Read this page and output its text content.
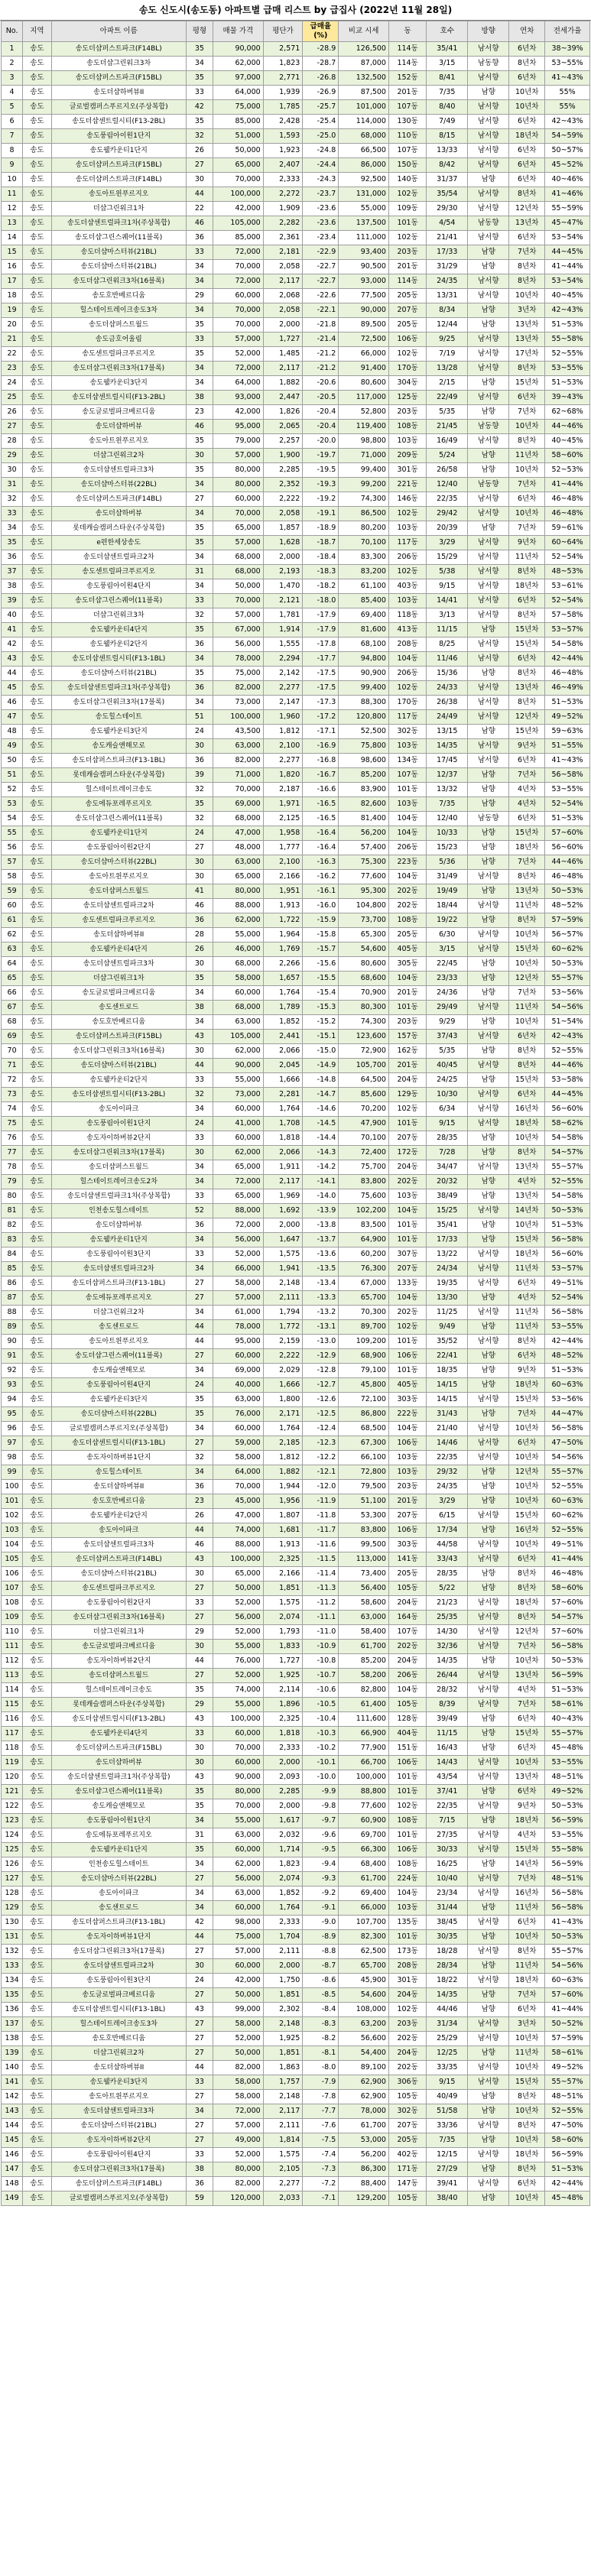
송도 신도시(송도동) 아파트별 급매 리스트 by 급집사 (2022년 11월 28일)
No.	지역	아파트 이름	평형	매물 가격	평단가	급매율(%)	비교 시세	동	호수	방향	연차	전세가율
1	송도	송도더샵퍼스트파크(F14BL)	35	90,000	2,571	-28.9	126,500	114동	35/41	남서향	6년차	38~39%
2	송도	송도더샵그린워크3차	34	62,000	1,823	-28.7	87,000	114동	3/15	남동향	8년차	53~55%
3	송도	송도더샵퍼스트파크(F15BL)	35	97,000	2,771	-26.8	132,500	152동	8/41	남서향	6년차	41~43%
4	송도	송도더샵하버뷰II	33	64,000	1,939	-26.9	87,500	201동	7/35	남향	10년차	55%
5	송도	글로벌캠퍼스푸르지오(주상복합)	42	75,000	1,785	-25.7	101,000	107동	8/40	남서향	10년차	55%
6	송도	송도더샵센트럴시티(F13-2BL)	35	85,000	2,428	-25.4	114,000	130동	7/49	남서향	6년차	42~43%
7	송도	송도풍림아이원1단지	32	51,000	1,593	-25.0	68,000	110동	8/15	남서향	18년차	54~59%
8	송도	송도웰카운티1단지	26	50,000	1,923	-24.8	66,500	107동	13/33	남서향	6년차	50~57%
9	송도	송도더샵퍼스트파크(F15BL)	27	65,000	2,407	-24.4	86,000	150동	8/42	남서향	6년차	45~52%
10	송도	송도더샵퍼스트파크(F14BL)	30	70,000	2,333	-24.3	92,500	140동	31/37	남향	6년차	40~46%
11	송도	송도아트윈푸르지오	44	100,000	2,272	-23.7	131,000	102동	35/54	남서향	8년차	41~46%
12	송도	더샵그린워크1차	22	42,000	1,909	-23.6	55,000	109동	29/30	남서향	12년차	55~59%
13	송도	송도더샵센트럴파크1차(주상복합)	46	105,000	2,282	-23.6	137,500	101동	4/54	남동향	13년차	45~47%
14	송도	송도더샵그린스퀘어(11블록)	36	85,000	2,361	-23.4	111,000	102동	21/41	남서향	6년차	53~54%
15	송도	송도더샵마스터뷰(21BL)	33	72,000	2,181	-22.9	93,400	203동	17/33	남향	7년차	44~45%
16	송도	송도더샵마스터뷰(21BL)	34	70,000	2,058	-22.7	90,500	201동	31/29	남향	8년차	41~44%
17	송도	송도더샵그린워크3차(16블록)	34	72,000	2,117	-22.7	93,000	114동	24/35	남서향	8년차	53~54%
18	송도	송도호반베르디움	29	60,000	2,068	-22.6	77,500	205동	13/31	남서향	10년차	40~45%
19	송도	힐스테이트레이크송도3차	34	70,000	2,058	-22.1	90,000	207동	8/34	남향	3년차	42~43%
20	송도	송도더샵퍼스트월드	35	70,000	2,000	-21.8	89,500	205동	12/44	남향	13년차	51~53%
21	송도	송도금호어울림	33	57,000	1,727	-21.4	72,500	106동	9/25	남서향	13년차	55~58%
22	송도	송도센트럴파크푸르지오	35	52,000	1,485	-21.2	66,000	102동	7/19	남서향	17년차	52~55%
23	송도	송도더샵그린워크3차(17블록)	34	72,000	2,117	-21.2	91,400	170동	13/28	남서향	8년차	53~55%
24	송도	송도웰카운티3단지	34	64,000	1,882	-20.6	80,600	304동	2/15	남향	15년차	51~53%
25	송도	송도더샵센트럴시티(F13-2BL)	38	93,000	2,447	-20.5	117,000	125동	22/49	남서향	6년차	39~43%
26	송도	송도글로벌파크베르디움	23	42,000	1,826	-20.4	52,800	203동	5/35	남향	7년차	62~68%
27	송도	송도더샵하버뷰	46	95,000	2,065	-20.4	119,400	108동	21/45	남동향	10년차	44~46%
28	송도	송도아트윈푸르지오	35	79,000	2,257	-20.0	98,800	103동	16/49	남서향	8년차	40~45%
29	송도	더샵그린워크2차	30	57,000	1,900	-19.7	71,000	209동	5/24	남향	11년차	58~60%
30	송도	송도더샵센트럴파크3차	35	80,000	2,285	-19.5	99,400	301동	26/58	남향	10년차	52~53%
31	송도	송도더샵마스터뷰(22BL)	34	80,000	2,352	-19.3	99,200	221동	12/40	남동향	7년차	41~44%
32	송도	송도더샵퍼스트파크(F14BL)	27	60,000	2,222	-19.2	74,300	146동	22/35	남서향	6년차	46~48%
33	송도	송도더샵하버뷰	34	70,000	2,058	-19.1	86,500	102동	29/42	남서향	10년차	46~48%
34	송도	롯데캐슬캠퍼스타운(주상복합)	35	65,000	1,857	-18.9	80,200	103동	20/39	남향	7년차	59~61%
35	송도	e편한세상송도	35	57,000	1,628	-18.7	70,100	117동	3/29	남서향	9년차	60~64%
36	송도	송도더샵센트럴파크2차	34	68,000	2,000	-18.4	83,300	206동	15/29	남서향	11년차	52~54%
37	송도	송도센트럴파크푸르지오	31	68,000	2,193	-18.3	83,200	102동	5/38	남서향	8년차	48~53%
38	송도	송도풍림아이원4단지	34	50,000	1,470	-18.2	61,100	403동	9/15	남서향	18년차	53~61%
39	송도	송도더샵그린스퀘어(11블록)	33	70,000	2,121	-18.0	85,400	103동	14/41	남서향	6년차	52~54%
40	송도	더샵그린워크3차	32	57,000	1,781	-17.9	69,400	118동	3/13	남서향	8년차	57~58%
41	송도	송도웰카운티4단지	35	67,000	1,914	-17.9	81,600	413동	11/15	남향	15년차	53~57%
42	송도	송도웰카운티2단지	36	56,000	1,555	-17.8	68,100	208동	8/25	남서향	15년차	54~58%
43	송도	송도더샵센트럴시티(F13-1BL)	34	78,000	2,294	-17.7	94,800	104동	11/46	남서향	6년차	42~44%
44	송도	송도더샵마스터뷰(21BL)	35	75,000	2,142	-17.5	90,900	206동	15/36	남향	8년차	46~48%
45	송도	송도더샵센트럴파크1차(주상복합)	36	82,000	2,277	-17.5	99,400	102동	24/33	남서향	13년차	46~49%
46	송도	송도더샵그린워크3차(17블록)	34	73,000	2,147	-17.3	88,300	170동	26/38	남서향	8년차	51~53%
47	송도	송도힐스테이트	51	100,000	1,960	-17.2	120,800	117동	24/49	남서향	12년차	49~52%
48	송도	송도웰카운티3단지	24	43,500	1,812	-17.1	52,500	302동	13/15	남향	15년차	59~63%
49	송도	송도캐슬앤해모로	30	63,000	2,100	-16.9	75,800	103동	14/35	남서향	9년차	51~55%
50	송도	송도더샵퍼스트파크(F13-1BL)	36	82,000	2,277	-16.8	98,600	134동	17/45	남서향	6년차	41~43%
51	송도	롯데캐슬캠퍼스타운(주상복합)	39	71,000	1,820	-16.7	85,200	107동	12/37	남향	7년차	56~58%
52	송도	힐스테이트레이크송도	32	70,000	2,187	-16.6	83,900	101동	13/32	남향	4년차	53~55%
53	송도	송도에듀포레푸르지오	35	69,000	1,971	-16.5	82,600	103동	7/35	남향	4년차	52~54%
54	송도	송도더샵그린스퀘어(11블록)	32	68,000	2,125	-16.5	81,400	104동	12/40	남동향	6년차	51~53%
55	송도	송도웰카운티1단지	24	47,000	1,958	-16.4	56,200	104동	10/33	남향	15년차	57~60%
56	송도	송도풍림아이원2단지	27	48,000	1,777	-16.4	57,400	206동	15/23	남향	18년차	56~60%
57	송도	송도더샵마스터뷰(22BL)	30	63,000	2,100	-16.3	75,300	223동	5/36	남향	7년차	44~46%
58	송도	송도아트윈푸르지오	30	65,000	2,166	-16.2	77,600	104동	31/49	남서향	8년차	46~48%
59	송도	송도더샵퍼스트월드	41	80,000	1,951	-16.1	95,300	202동	19/49	남향	13년차	50~53%
60	송도	송도더샵센트럴파크2차	46	88,000	1,913	-16.0	104,800	202동	18/44	남서향	11년차	48~52%
61	송도	송도센트럴파크푸르지오	36	62,000	1,722	-15.9	73,700	108동	19/22	남향	8년차	57~59%
62	송도	송도더샵하버뷰II	28	55,000	1,964	-15.8	65,300	205동	6/30	남서향	10년차	56~57%
63	송도	송도웰카운티4단지	26	46,000	1,769	-15.7	54,600	405동	3/15	남서향	15년차	60~62%
64	송도	송도더샵센트럴파크3차	30	68,000	2,266	-15.6	80,600	305동	22/45	남향	10년차	50~53%
65	송도	더샵그린워크1차	35	58,000	1,657	-15.5	68,600	104동	23/33	남향	12년차	55~57%
66	송도	송도글로벌파크베르디움	34	60,000	1,764	-15.4	70,900	201동	24/36	남향	7년차	53~56%
67	송도	송도센트로드	38	68,000	1,789	-15.3	80,300	101동	29/49	남서향	11년차	54~56%
68	송도	송도호반베르디움	34	63,000	1,852	-15.2	74,300	203동	9/29	남향	10년차	51~54%
69	송도	송도더샵퍼스트파크(F15BL)	43	105,000	2,441	-15.1	123,600	157동	37/43	남서향	6년차	42~43%
70	송도	송도더샵그린워크3차(16블록)	30	62,000	2,066	-15.0	72,900	162동	5/35	남향	8년차	52~55%
71	송도	송도더샵마스터뷰(21BL)	44	90,000	2,045	-14.9	105,700	201동	40/45	남서향	8년차	44~46%
72	송도	송도웰카운티2단지	33	55,000	1,666	-14.8	64,500	204동	24/25	남향	15년차	53~58%
73	송도	송도더샵센트럴시티(F13-2BL)	32	73,000	2,281	-14.7	85,600	129동	10/30	남서향	6년차	44~45%
74	송도	송도아이파크	34	60,000	1,764	-14.6	70,200	102동	6/34	남서향	16년차	56~60%
75	송도	송도풍림아이원1단지	24	41,000	1,708	-14.5	47,900	101동	9/15	남서향	18년차	58~62%
76	송도	송도자이하버뷰2단지	33	60,000	1,818	-14.4	70,100	207동	28/35	남향	10년차	54~58%
77	송도	송도더샵그린워크3차(17블록)	30	62,000	2,066	-14.3	72,400	172동	7/28	남향	8년차	54~57%
78	송도	송도더샵퍼스트월드	34	65,000	1,911	-14.2	75,700	204동	34/47	남서향	13년차	55~57%
79	송도	힐스테이트레이크송도2차	34	72,000	2,117	-14.1	83,800	202동	20/32	남향	4년차	52~55%
80	송도	송도더샵센트럴파크1차(주상복합)	33	65,000	1,969	-14.0	75,600	103동	38/49	남향	13년차	54~58%
81	송도	인천송도힐스테이트	52	88,000	1,692	-13.9	102,200	104동	15/25	남서향	14년차	50~53%
82	송도	송도더샵하버뷰	36	72,000	2,000	-13.8	83,500	101동	35/41	남향	10년차	51~53%
83	송도	송도웰카운티1단지	34	56,000	1,647	-13.7	64,900	101동	17/33	남향	15년차	56~58%
84	송도	송도풍림아이원3단지	33	52,000	1,575	-13.6	60,200	307동	13/22	남서향	18년차	56~60%
85	송도	송도더샵센트럴파크2차	34	66,000	1,941	-13.5	76,300	207동	24/34	남서향	11년차	53~57%
86	송도	송도더샵퍼스트파크(F13-1BL)	27	58,000	2,148	-13.4	67,000	133동	19/35	남서향	6년차	49~51%
87	송도	송도에듀포레푸르지오	27	57,000	2,111	-13.3	65,700	104동	13/30	남향	4년차	52~54%
88	송도	더샵그린워크2차	34	61,000	1,794	-13.2	70,300	202동	11/25	남서향	11년차	56~58%
89	송도	송도센트로드	44	78,000	1,772	-13.1	89,700	102동	9/49	남향	11년차	53~55%
90	송도	송도아트윈푸르지오	44	95,000	2,159	-13.0	109,200	101동	35/52	남서향	8년차	42~44%
91	송도	송도더샵그린스퀘어(11블록)	27	60,000	2,222	-12.9	68,900	106동	22/41	남향	6년차	48~52%
92	송도	송도캐슬앤해모로	34	69,000	2,029	-12.8	79,100	101동	18/35	남향	9년차	51~53%
93	송도	송도풍림아이원4단지	24	40,000	1,666	-12.7	45,800	405동	14/15	남향	18년차	60~63%
94	송도	송도웰카운티3단지	35	63,000	1,800	-12.6	72,100	303동	14/15	남서향	15년차	53~56%
95	송도	송도더샵마스터뷰(22BL)	35	76,000	2,171	-12.5	86,800	222동	31/43	남향	7년차	44~47%
96	송도	글로벌캠퍼스푸르지오(주상복합)	34	60,000	1,764	-12.4	68,500	104동	21/40	남서향	10년차	56~58%
97	송도	송도더샵센트럴시티(F13-1BL)	27	59,000	2,185	-12.3	67,300	106동	14/46	남서향	6년차	47~50%
98	송도	송도자이하버뷰1단지	32	58,000	1,812	-12.2	66,100	103동	22/35	남서향	10년차	54~56%
99	송도	송도힐스테이트	34	64,000	1,882	-12.1	72,800	103동	29/32	남향	12년차	55~57%
100	송도	송도더샵하버뷰II	36	70,000	1,944	-12.0	79,500	203동	24/35	남향	10년차	52~55%
101	송도	송도호반베르디움	23	45,000	1,956	-11.9	51,100	201동	3/29	남향	10년차	60~63%
102	송도	송도웰카운티2단지	26	47,000	1,807	-11.8	53,300	207동	6/15	남서향	15년차	60~62%
103	송도	송도아이파크	44	74,000	1,681	-11.7	83,800	106동	17/34	남향	16년차	52~55%
104	송도	송도더샵센트럴파크3차	46	88,000	1,913	-11.6	99,500	303동	44/58	남서향	10년차	49~51%
105	송도	송도더샵퍼스트파크(F14BL)	43	100,000	2,325	-11.5	113,000	141동	33/43	남서향	6년차	41~44%
106	송도	송도더샵마스터뷰(21BL)	30	65,000	2,166	-11.4	73,400	205동	28/35	남향	8년차	46~48%
107	송도	송도센트럴파크푸르지오	27	50,000	1,851	-11.3	56,400	105동	5/22	남향	8년차	58~60%
108	송도	송도풍림아이원2단지	33	52,000	1,575	-11.2	58,600	204동	21/23	남서향	18년차	57~60%
109	송도	송도더샵그린워크3차(16블록)	27	56,000	2,074	-11.1	63,000	164동	25/35	남서향	8년차	54~57%
110	송도	더샵그린워크1차	29	52,000	1,793	-11.0	58,400	107동	14/30	남서향	12년차	57~60%
111	송도	송도글로벌파크베르디움	30	55,000	1,833	-10.9	61,700	202동	32/36	남서향	7년차	56~58%
112	송도	송도자이하버뷰2단지	44	76,000	1,727	-10.8	85,200	204동	14/35	남향	10년차	50~53%
113	송도	송도더샵퍼스트월드	27	52,000	1,925	-10.7	58,200	206동	26/44	남서향	13년차	56~59%
114	송도	힐스테이트레이크송도	35	74,000	2,114	-10.6	82,800	104동	28/32	남서향	4년차	51~53%
115	송도	롯데캐슬캠퍼스타운(주상복합)	29	55,000	1,896	-10.5	61,400	105동	8/39	남서향	7년차	58~61%
116	송도	송도더샵센트럴시티(F13-2BL)	43	100,000	2,325	-10.4	111,600	128동	39/49	남향	6년차	40~43%
117	송도	송도웰카운티4단지	33	60,000	1,818	-10.3	66,900	404동	11/15	남향	15년차	55~57%
118	송도	송도더샵퍼스트파크(F15BL)	30	70,000	2,333	-10.2	77,900	151동	16/43	남향	6년차	45~48%
119	송도	송도더샵하버뷰	30	60,000	2,000	-10.1	66,700	106동	14/43	남서향	10년차	53~55%
120	송도	송도더샵센트럴파크1차(주상복합)	43	90,000	2,093	-10.0	100,000	101동	43/54	남서향	13년차	48~51%
121	송도	송도더샵그린스퀘어(11블록)	35	80,000	2,285	-9.9	88,800	101동	37/41	남향	6년차	49~52%
122	송도	송도캐슬앤해모로	35	70,000	2,000	-9.8	77,600	102동	22/35	남서향	9년차	50~53%
123	송도	송도풍림아이원1단지	34	55,000	1,617	-9.7	60,900	108동	7/15	남향	18년차	56~59%
124	송도	송도에듀포레푸르지오	31	63,000	2,032	-9.6	69,700	101동	27/35	남서향	4년차	53~55%
125	송도	송도웰카운티1단지	35	60,000	1,714	-9.5	66,300	106동	30/33	남서향	15년차	55~58%
126	송도	인천송도힐스테이트	34	62,000	1,823	-9.4	68,400	108동	16/25	남향	14년차	56~59%
127	송도	송도더샵마스터뷰(22BL)	27	56,000	2,074	-9.3	61,700	224동	10/40	남서향	7년차	48~51%
128	송도	송도아이파크	34	63,000	1,852	-9.2	69,400	104동	23/34	남서향	16년차	56~58%
129	송도	송도센트로드	34	60,000	1,764	-9.1	66,000	103동	31/44	남향	11년차	56~58%
130	송도	송도더샵퍼스트파크(F13-1BL)	42	98,000	2,333	-9.0	107,700	135동	38/45	남서향	6년차	41~43%
131	송도	송도자이하버뷰1단지	44	75,000	1,704	-8.9	82,300	101동	30/35	남향	10년차	50~53%
132	송도	송도더샵그린워크3차(17블록)	27	57,000	2,111	-8.8	62,500	173동	18/28	남서향	8년차	55~57%
133	송도	송도더샵센트럴파크2차	30	60,000	2,000	-8.7	65,700	208동	28/34	남향	11년차	54~56%
134	송도	송도풍림아이원3단지	24	42,000	1,750	-8.6	45,900	301동	18/22	남서향	18년차	60~63%
135	송도	송도글로벌파크베르디움	27	50,000	1,851	-8.5	54,600	204동	14/35	남향	7년차	57~60%
136	송도	송도더샵센트럴시티(F13-1BL)	43	99,000	2,302	-8.4	108,000	102동	44/46	남향	6년차	41~44%
137	송도	힐스테이트레이크송도3차	27	58,000	2,148	-8.3	63,200	203동	31/34	남서향	3년차	50~52%
138	송도	송도호반베르디움	27	52,000	1,925	-8.2	56,600	202동	25/29	남서향	10년차	57~59%
139	송도	더샵그린워크2차	27	50,000	1,851	-8.1	54,400	204동	12/25	남향	11년차	58~61%
140	송도	송도더샵하버뷰II	44	82,000	1,863	-8.0	89,100	202동	33/35	남서향	10년차	49~52%
141	송도	송도웰카운티3단지	33	58,000	1,757	-7.9	62,900	306동	9/15	남서향	15년차	55~57%
142	송도	송도아트윈푸르지오	27	58,000	2,148	-7.8	62,900	105동	40/49	남향	8년차	48~51%
143	송도	송도더샵센트럴파크3차	34	72,000	2,117	-7.7	78,000	302동	51/58	남향	10년차	52~55%
144	송도	송도더샵마스터뷰(21BL)	27	57,000	2,111	-7.6	61,700	207동	33/36	남서향	8년차	47~50%
145	송도	송도자이하버뷰2단지	27	49,000	1,814	-7.5	53,000	205동	7/35	남향	10년차	58~60%
146	송도	송도풍림아이원4단지	33	52,000	1,575	-7.4	56,200	402동	12/15	남서향	18년차	56~59%
147	송도	송도더샵그린워크3차(17블록)	38	80,000	2,105	-7.3	86,300	171동	27/29	남향	8년차	51~53%
148	송도	송도더샵퍼스트파크(F14BL)	36	82,000	2,277	-7.2	88,400	147동	39/41	남서향	6년차	42~44%
149	송도	글로벌캠퍼스푸르지오(주상복합)	59	120,000	2,033	-7.1	129,200	105동	38/40	남향	10년차	45~48%
